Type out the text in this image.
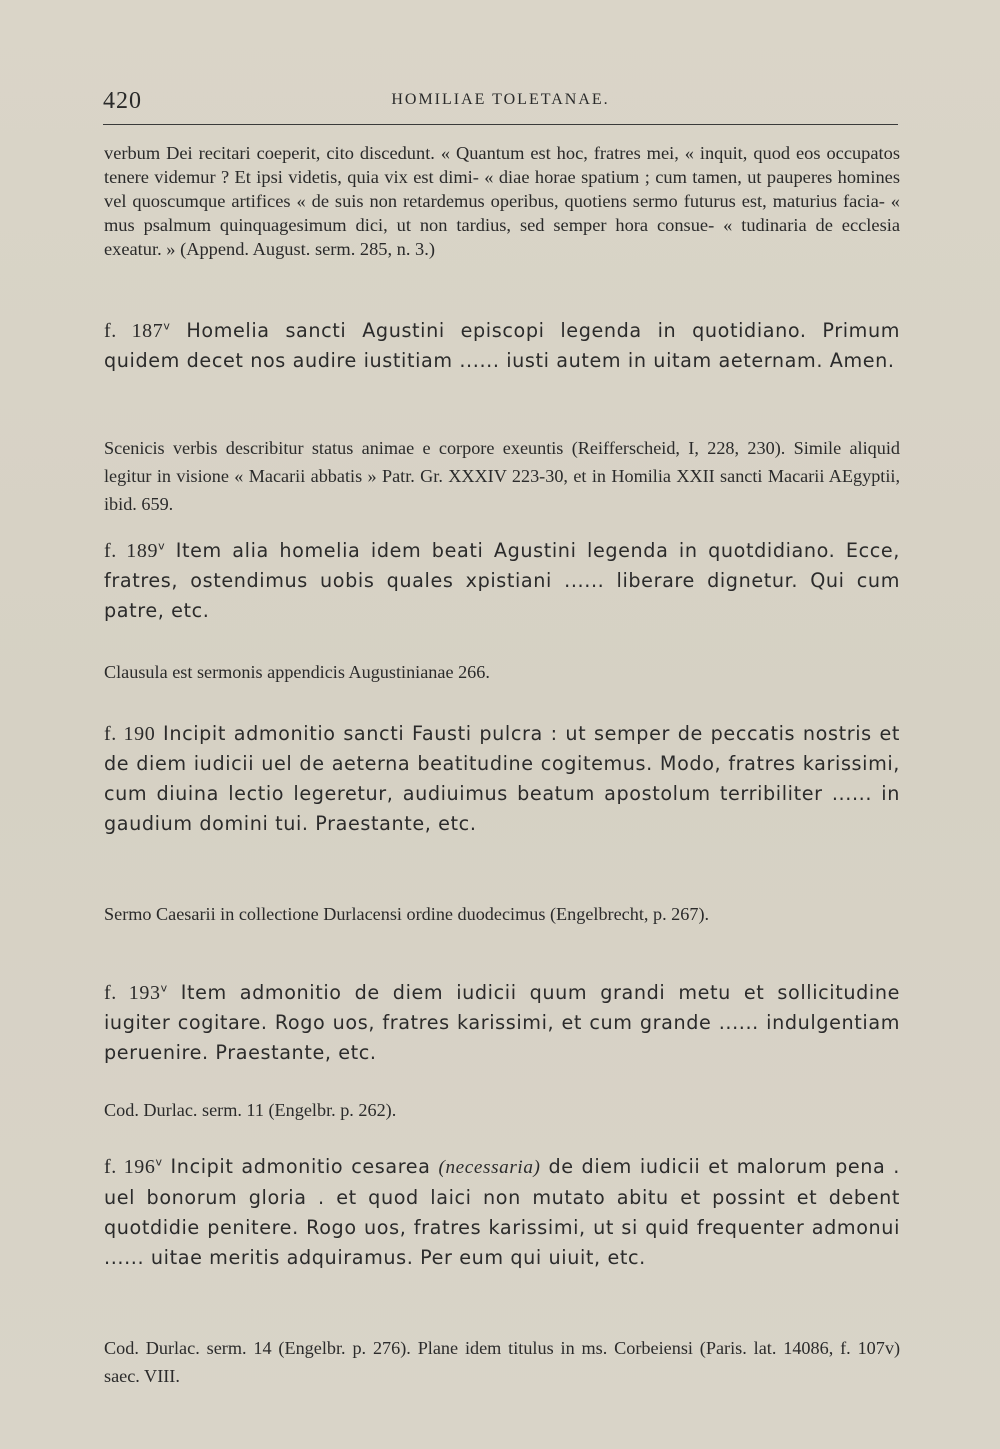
420	HOMILIAE TOLETANAE.

verbum Dei recitari coeperit, cito discedunt. « Quantum est hoc, fratres mei, « inquit, quod eos occupatos tenere videmur ? Et ipsi videtis, quia vix est dimi- « diae horae spatium ; cum tamen, ut pauperes homines vel quoscumque artifices « de suis non retardemus operibus, quotiens sermo futurus est, maturius facia- « mus psalmum quinquagesimum dici, ut non tardius, sed semper hora consue- « tudinaria de ecclesia exeatur. » (Append. August. serm. 285, n. 3.)

f. 187$^v$ Homelia sancti Agustini episcopi legenda in quotidiano. Primum quidem decet nos audire iustitiam ...... iusti autem in uitam aeternam. Amen.

Scenicis verbis describitur status animae e corpore exeuntis (Reifferscheid, I, 228, 230). Simile aliquid legitur in visione « Macarii abbatis » Patr. Gr. XXXIV 223-30, et in Homilia XXII sancti Macarii AEgyptii, ibid. 659.

f. 189$^v$ Item alia homelia idem beati Agustini legenda in quotdidiano. Ecce, fratres, ostendimus uobis quales xpistiani ...... liberare dignetur. Qui cum patre, etc.

Clausula est sermonis appendicis Augustinianae 266.

f. 190 Incipit admonitio sancti Fausti pulcra : ut semper de peccatis nostris et de diem iudicii uel de aeterna beatitudine cogitemus. Modo, fratres karissimi, cum diuina lectio legeretur, audiuimus beatum apostolum terribiliter ...... in gaudium domini tui. Praestante, etc.

Sermo Caesarii in collectione Durlacensi ordine duodecimus (Engelbrecht, p. 267).

f. 193$^v$ Item admonitio de diem iudicii quum grandi metu et sollicitudine iugiter cogitare. Rogo uos, fratres karissimi, et cum grande ...... indulgentiam peruenire. Praestante, etc.

Cod. Durlac. serm. 11 (Engelbr. p. 262).

f. 196$^v$ Incipit admonitio cesarea (necessaria) de diem iudicii et malorum pena . uel bonorum gloria . et quod laici non mutato abitu et possint et debent quotdidie penitere. Rogo uos, fratres karissimi, ut si quid frequenter admonui ...... uitae meritis adquiramus. Per eum qui uiuit, etc.

Cod. Durlac. serm. 14 (Engelbr. p. 276). Plane idem titulus in ms. Corbeiensi (Paris. lat. 14086, f. 107v) saec. VIII.
